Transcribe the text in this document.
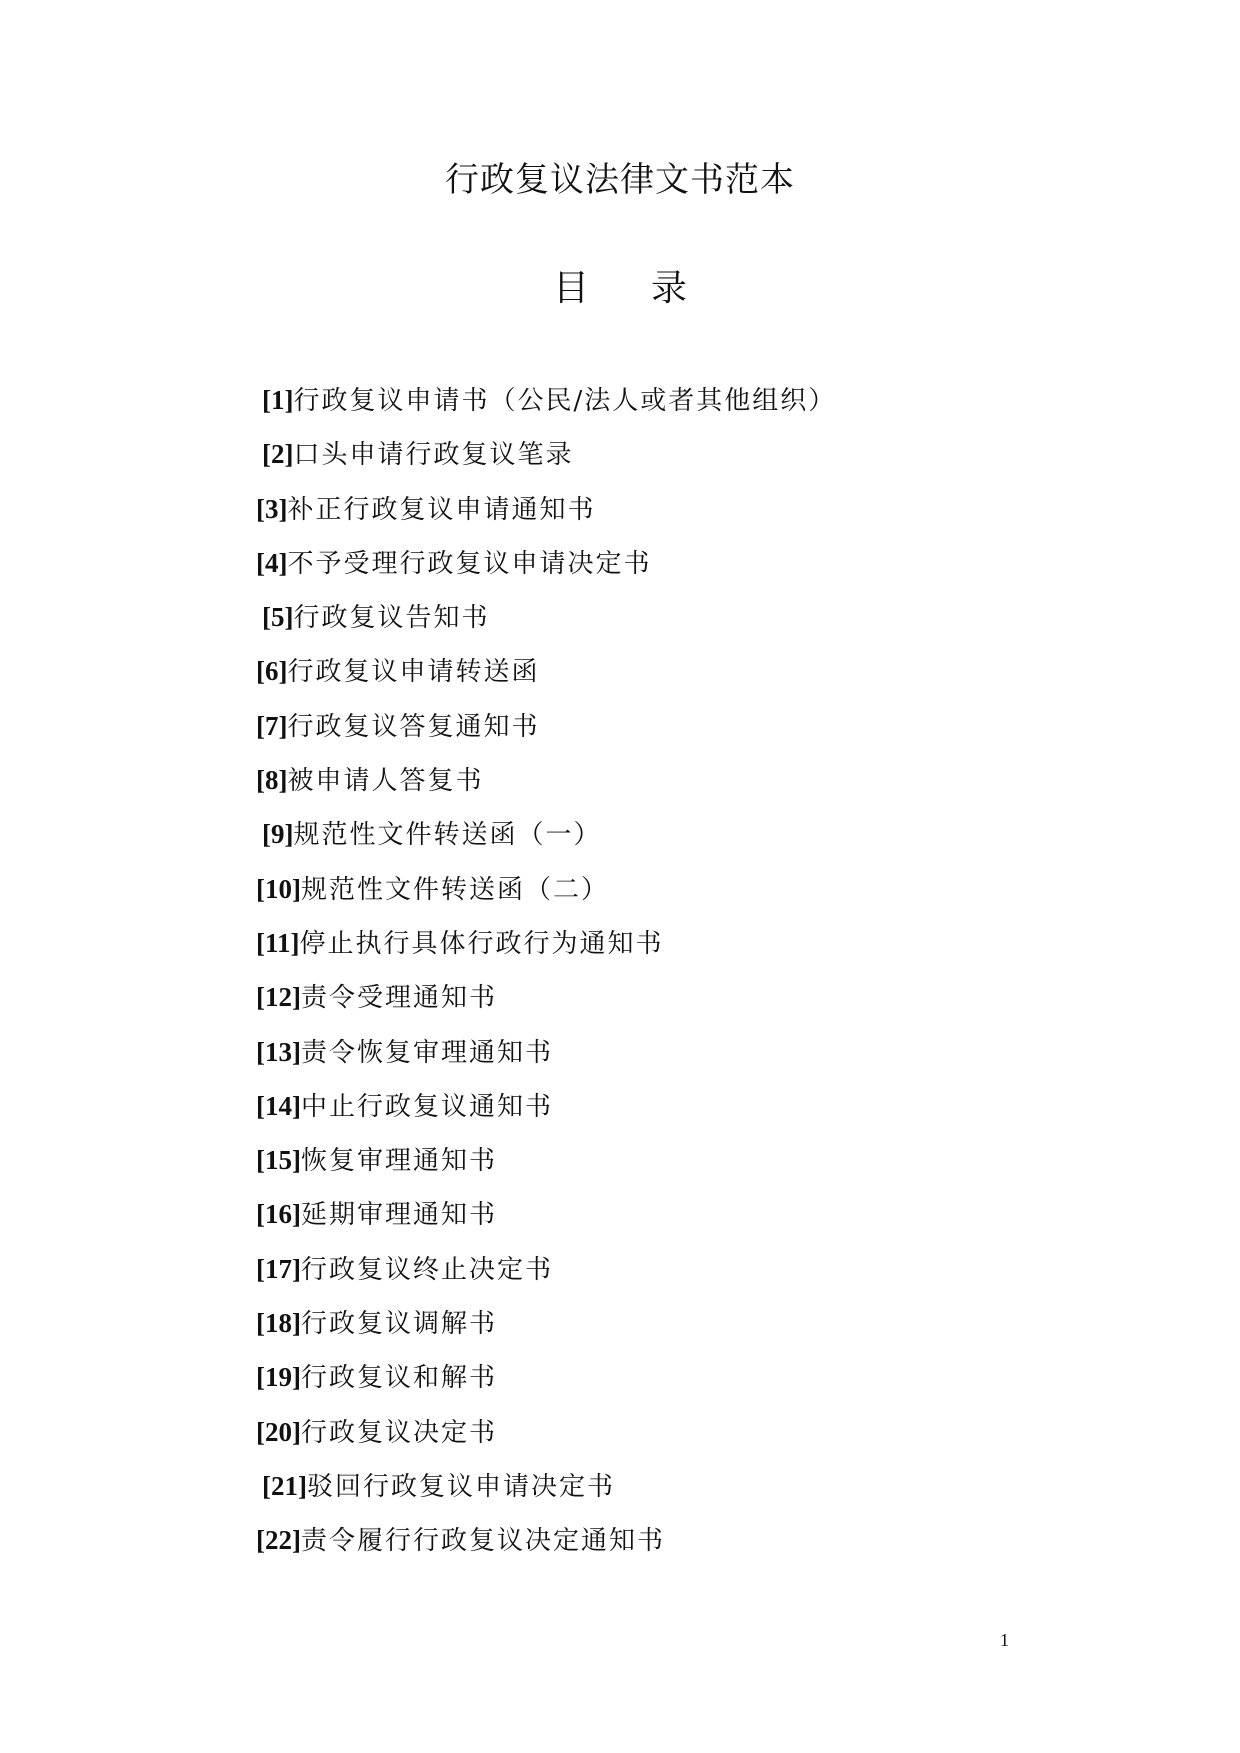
行政复议法律文书范本
目 录
[1]行政复议申请书（公民/法人或者其他组织）
[2]口头申请行政复议笔录
[3]补正行政复议申请通知书
[4]不予受理行政复议申请决定书
[5]行政复议告知书
[6]行政复议申请转送函
[7]行政复议答复通知书
[8]被申请人答复书
[9]规范性文件转送函（一）
[10]规范性文件转送函（二）
[11]停止执行具体行政行为通知书
[12]责令受理通知书
[13]责令恢复审理通知书
[14]中止行政复议通知书
[15]恢复审理通知书
[16]延期审理通知书
[17]行政复议终止决定书
[18]行政复议调解书
[19]行政复议和解书
[20]行政复议决定书
[21]驳回行政复议申请决定书
[22]责令履行行政复议决定通知书
1
